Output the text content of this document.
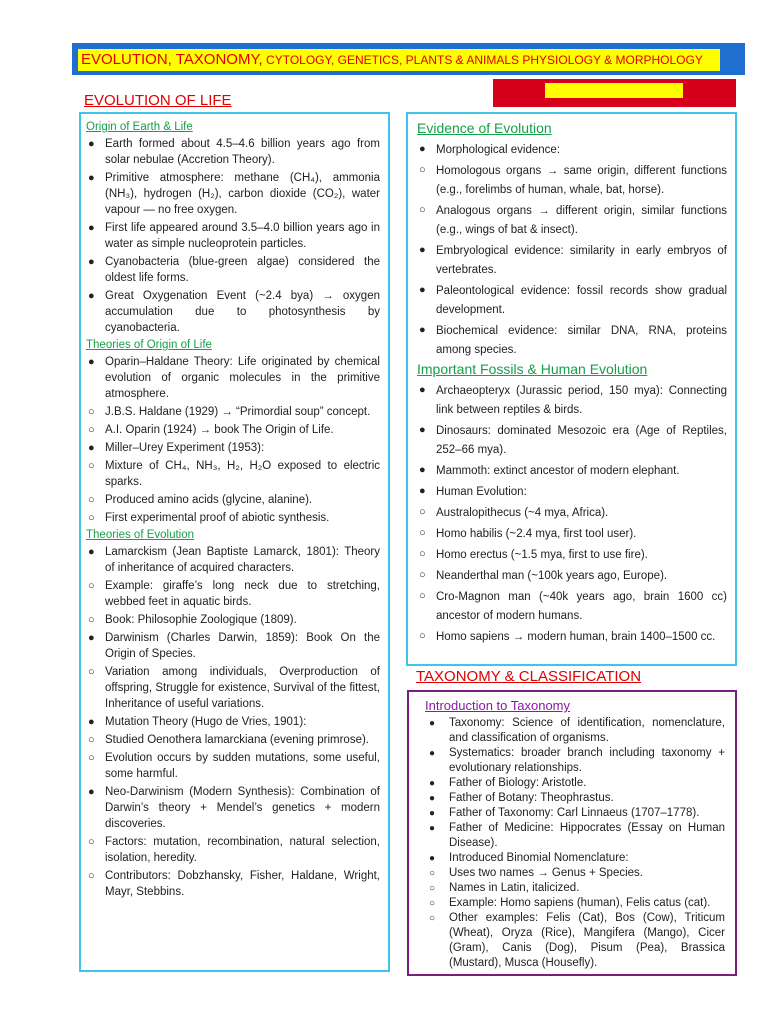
EVOLUTION, TAXONOMY, CYTOLOGY, GENETICS, PLANTS & ANIMALS PHYSIOLOGY & MORPHOLOGY
EVOLUTION OF LIFE
Origin of Earth & Life
● Earth formed about 4.5–4.6 billion years ago from solar nebulae (Accretion Theory).
● Primitive atmosphere: methane (CH₄), ammonia (NH₃), hydrogen (H₂), carbon dioxide (CO₂), water vapour — no free oxygen.
● First life appeared around 3.5–4.0 billion years ago in water as simple nucleoprotein particles.
● Cyanobacteria (blue-green algae) considered the oldest life forms.
● Great Oxygenation Event (~2.4 bya) → oxygen accumulation due to photosynthesis by cyanobacteria.
Theories of Origin of Life
● Oparin–Haldane Theory: Life originated by chemical evolution of organic molecules in the primitive atmosphere.
○ J.B.S. Haldane (1929) → “Primordial soup” concept.
○ A.I. Oparin (1924) → book The Origin of Life.
● Miller–Urey Experiment (1953):
○ Mixture of CH₄, NH₃, H₂, H₂O exposed to electric sparks.
○ Produced amino acids (glycine, alanine).
○ First experimental proof of abiotic synthesis.
Theories of Evolution
● Lamarckism (Jean Baptiste Lamarck, 1801): Theory of inheritance of acquired characters.
○ Example: giraffe’s long neck due to stretching, webbed feet in aquatic birds.
○ Book: Philosophie Zoologique (1809).
● Darwinism (Charles Darwin, 1859): Book On the Origin of Species.
○ Variation among individuals, Overproduction of offspring, Struggle for existence, Survival of the fittest, Inheritance of useful variations.
● Mutation Theory (Hugo de Vries, 1901):
○ Studied Oenothera lamarckiana (evening primrose).
○ Evolution occurs by sudden mutations, some useful, some harmful.
● Neo-Darwinism (Modern Synthesis): Combination of Darwin’s theory + Mendel’s genetics + modern discoveries.
○ Factors: mutation, recombination, natural selection, isolation, heredity.
○ Contributors: Dobzhansky, Fisher, Haldane, Wright, Mayr, Stebbins.
Evidence of Evolution
● Morphological evidence:
○ Homologous organs → same origin, different functions (e.g., forelimbs of human, whale, bat, horse).
○ Analogous organs → different origin, similar functions (e.g., wings of bat & insect).
● Embryological evidence: similarity in early embryos of vertebrates.
● Paleontological evidence: fossil records show gradual development.
● Biochemical evidence: similar DNA, RNA, proteins among species.
Important Fossils & Human Evolution
● Archaeopteryx (Jurassic period, 150 mya): Connecting link between reptiles & birds.
● Dinosaurs: dominated Mesozoic era (Age of Reptiles, 252–66 mya).
● Mammoth: extinct ancestor of modern elephant.
● Human Evolution:
○ Australopithecus (~4 mya, Africa).
○ Homo habilis (~2.4 mya, first tool user).
○ Homo erectus (~1.5 mya, first to use fire).
○ Neanderthal man (~100k years ago, Europe).
○ Cro-Magnon man (~40k years ago, brain 1600 cc) ancestor of modern humans.
○ Homo sapiens → modern human, brain 1400–1500 cc.
TAXONOMY & CLASSIFICATION
Introduction to Taxonomy
● Taxonomy: Science of identification, nomenclature, and classification of organisms.
● Systematics: broader branch including taxonomy + evolutionary relationships.
● Father of Biology: Aristotle.
● Father of Botany: Theophrastus.
● Father of Taxonomy: Carl Linnaeus (1707–1778).
● Father of Medicine: Hippocrates (Essay on Human Disease).
● Introduced Binomial Nomenclature:
○ Uses two names → Genus + Species.
○ Names in Latin, italicized.
○ Example: Homo sapiens (human), Felis catus (cat).
○ Other examples: Felis (Cat), Bos (Cow), Triticum (Wheat), Oryza (Rice), Mangifera (Mango), Cicer (Gram), Canis (Dog), Pisum (Pea), Brassica (Mustard), Musca (Housefly).
